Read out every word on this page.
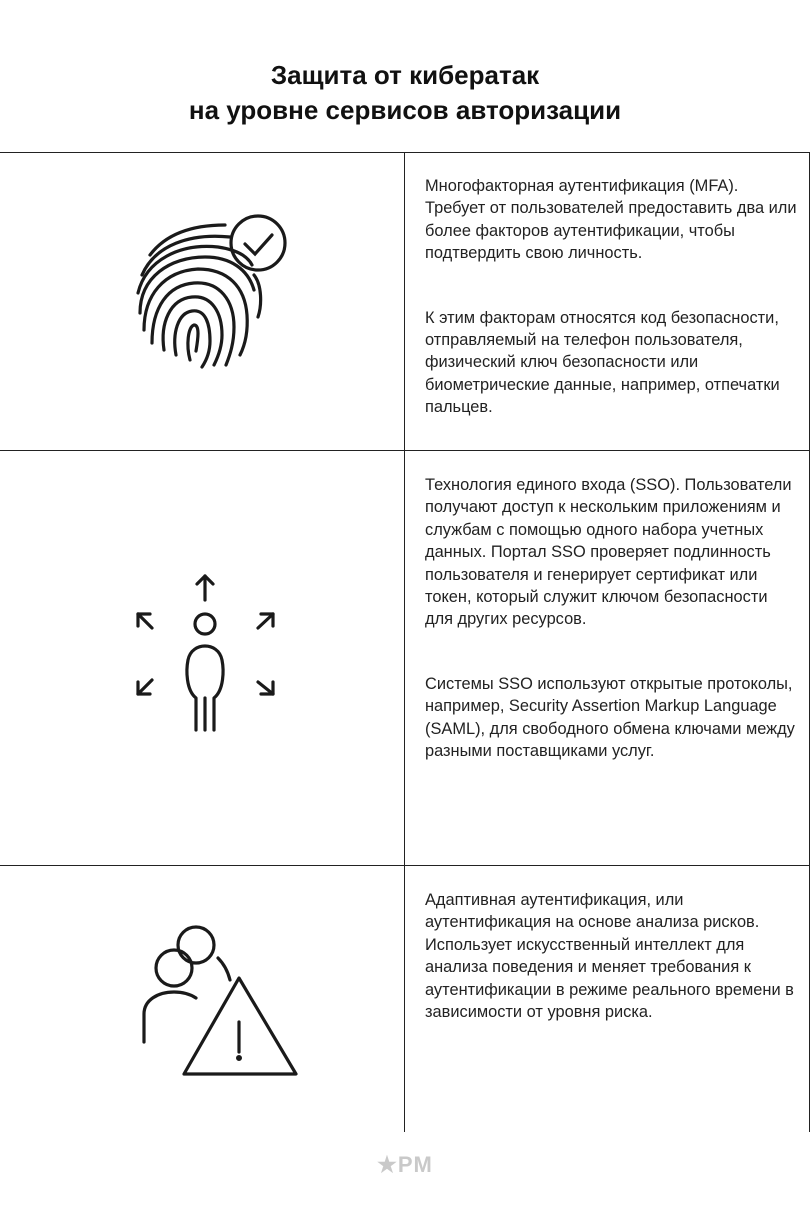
Защита от кибератак
на уровне сервисов авторизации

Многофакторная аутентификация (MFA). Требует от пользователей предоставить два или более факторов аутентификации, чтобы подтвердить свою личность.

К этим факторам относятся код безопасности, отправляемый на телефон пользователя, физический ключ безопасности или биометрические данные, например, отпечатки пальцев.

Технология единого входа (SSO). Пользователи получают доступ к нескольким приложениям и службам с помощью одного набора учетных данных. Портал SSO проверяет подлинность пользователя и генерирует сертификат или токен, который служит ключом безопасности для других ресурсов.

Системы SSO используют открытые протоколы, например, Security Assertion Markup Language (SAML), для свободного обмена ключами между разными поставщиками услуг.

Адаптивная аутентификация, или аутентификация на основе анализа рисков. Использует искусственный интеллект для анализа поведения и меняет требования к аутентификации в режиме реального времени в зависимости от уровня риска.

★PM
